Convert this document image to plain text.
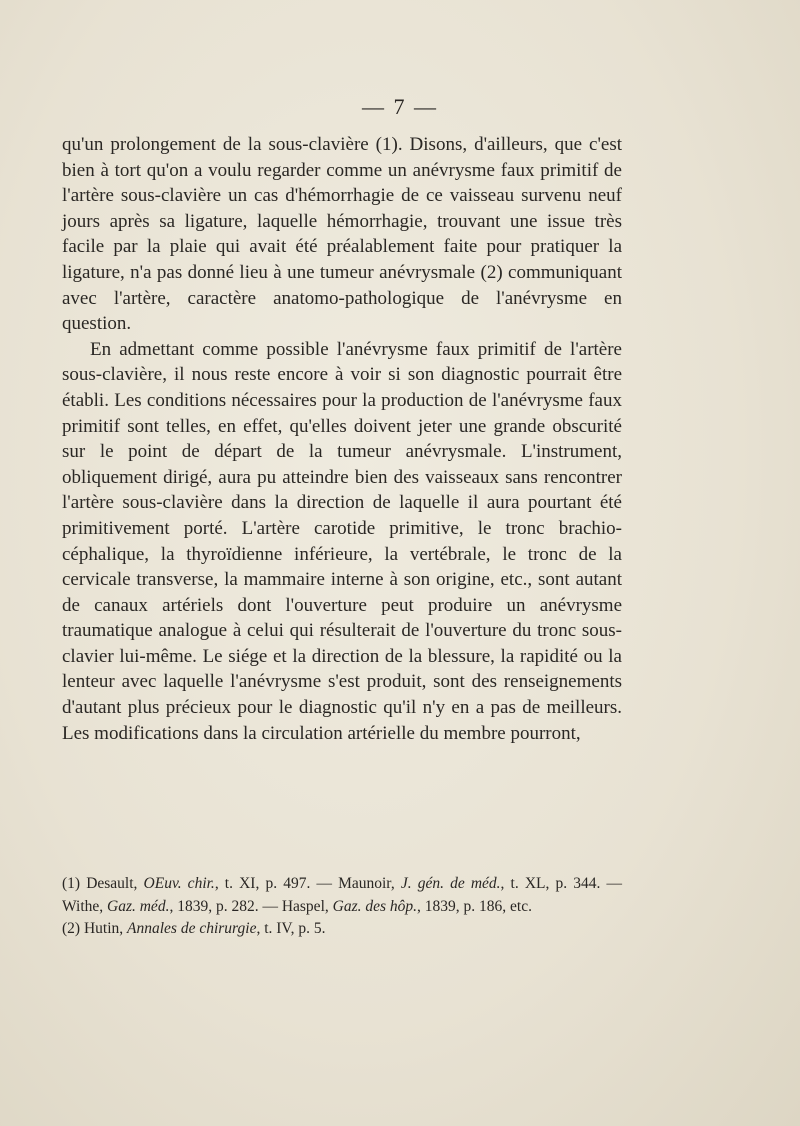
— 7 —

qu'un prolongement de la sous-clavière (1). Disons, d'ailleurs, que c'est bien à tort qu'on a voulu regarder comme un anévrysme faux primitif de l'artère sous-clavière un cas d'hémorrhagie de ce vaisseau survenu neuf jours après sa ligature, laquelle hémorrhagie, trouvant une issue très facile par la plaie qui avait été préalablement faite pour pratiquer la ligature, n'a pas donné lieu à une tumeur anévrysmale (2) communiquant avec l'artère, caractère anatomo-pathologique de l'anévrysme en question.

En admettant comme possible l'anévrysme faux primitif de l'artère sous-clavière, il nous reste encore à voir si son diagnostic pourrait être établi. Les conditions nécessaires pour la production de l'anévrysme faux primitif sont telles, en effet, qu'elles doivent jeter une grande obscurité sur le point de départ de la tumeur anévrysmale. L'instrument, obliquement dirigé, aura pu atteindre bien des vaisseaux sans rencontrer l'artère sous-clavière dans la direction de laquelle il aura pourtant été primitivement porté. L'artère carotide primitive, le tronc brachio-céphalique, la thyroïdienne inférieure, la vertébrale, le tronc de la cervicale transverse, la mammaire interne à son origine, etc., sont autant de canaux artériels dont l'ouverture peut produire un anévrysme traumatique analogue à celui qui résulterait de l'ouverture du tronc sous-clavier lui-même. Le siége et la direction de la blessure, la rapidité ou la lenteur avec laquelle l'anévrysme s'est produit, sont des renseignements d'autant plus précieux pour le diagnostic qu'il n'y en a pas de meilleurs. Les modifications dans la circulation artérielle du membre pourront,

(1) Desault, OEuv. chir., t. XI, p. 497. — Maunoir, J. gén. de méd., t. XL, p. 344. — Withe, Gaz. méd., 1839, p. 282. — Haspel, Gaz. des hôp., 1839, p. 186, etc.

(2) Hutin, Annales de chirurgie, t. IV, p. 5.
